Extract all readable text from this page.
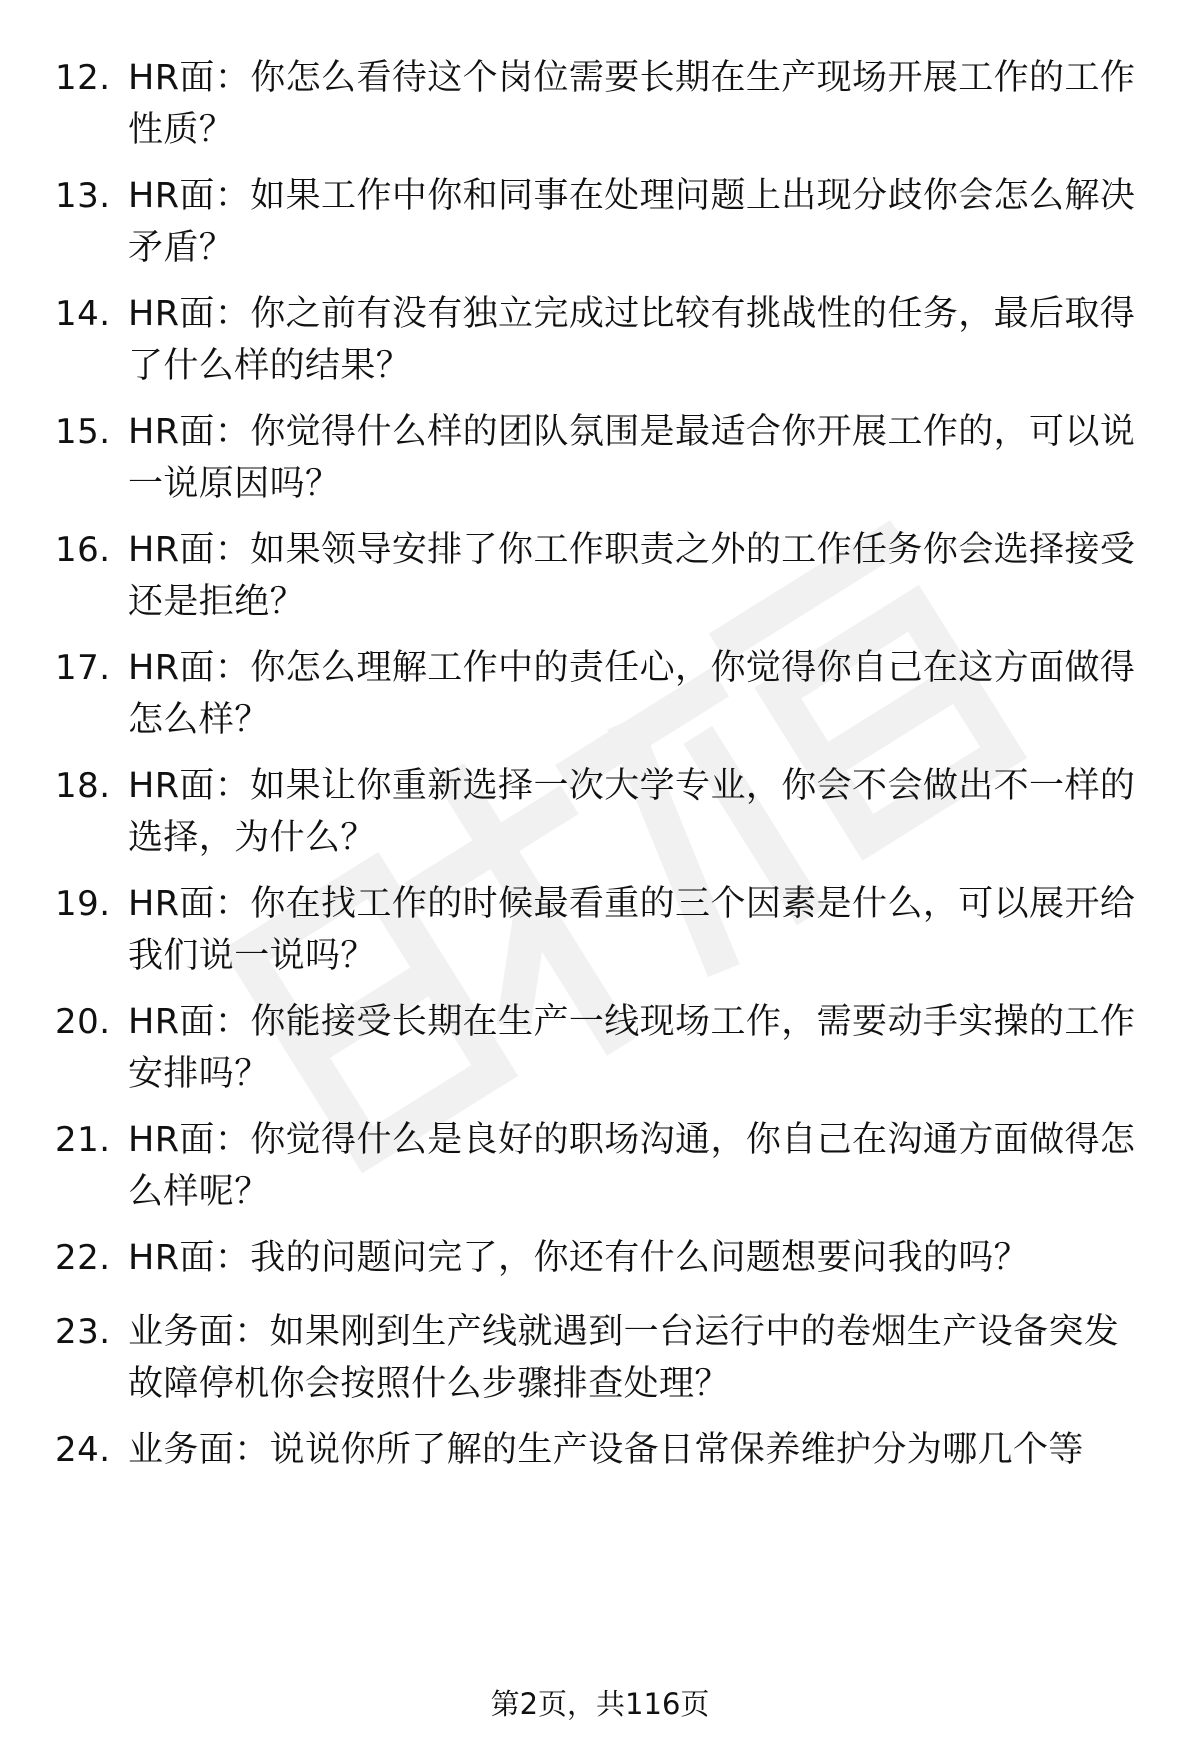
12. HR面：你怎么看待这个岗位需要长期在生产现场开展工作的工作性质？
13. HR面：如果工作中你和同事在处理问题上出现分歧你会怎么解决矛盾？
14. HR面：你之前有没有独立完成过比较有挑战性的任务，最后取得了什么样的结果？
15. HR面：你觉得什么样的团队氛围是最适合你开展工作的，可以说一说原因吗？
16. HR面：如果领导安排了你工作职责之外的工作任务你会选择接受还是拒绝？
17. HR面：你怎么理解工作中的责任心，你觉得你自己在这方面做得怎么样？
18. HR面：如果让你重新选择一次大学专业，你会不会做出不一样的选择，为什么？
19. HR面：你在找工作的时候最看重的三个因素是什么，可以展开给我们说一说吗？
20. HR面：你能接受长期在生产一线现场工作，需要动手实操的工作安排吗？
21. HR面：你觉得什么是良好的职场沟通，你自己在沟通方面做得怎么样呢？
22. HR面：我的问题问完了，你还有什么问题想要问我的吗？
23. 业务面：如果刚到生产线就遇到一台运行中的卷烟生产设备突发故障停机你会按照什么步骤排查处理？
24. 业务面：说说你所了解的生产设备日常保养维护分为哪几个等
第2页，共116页
